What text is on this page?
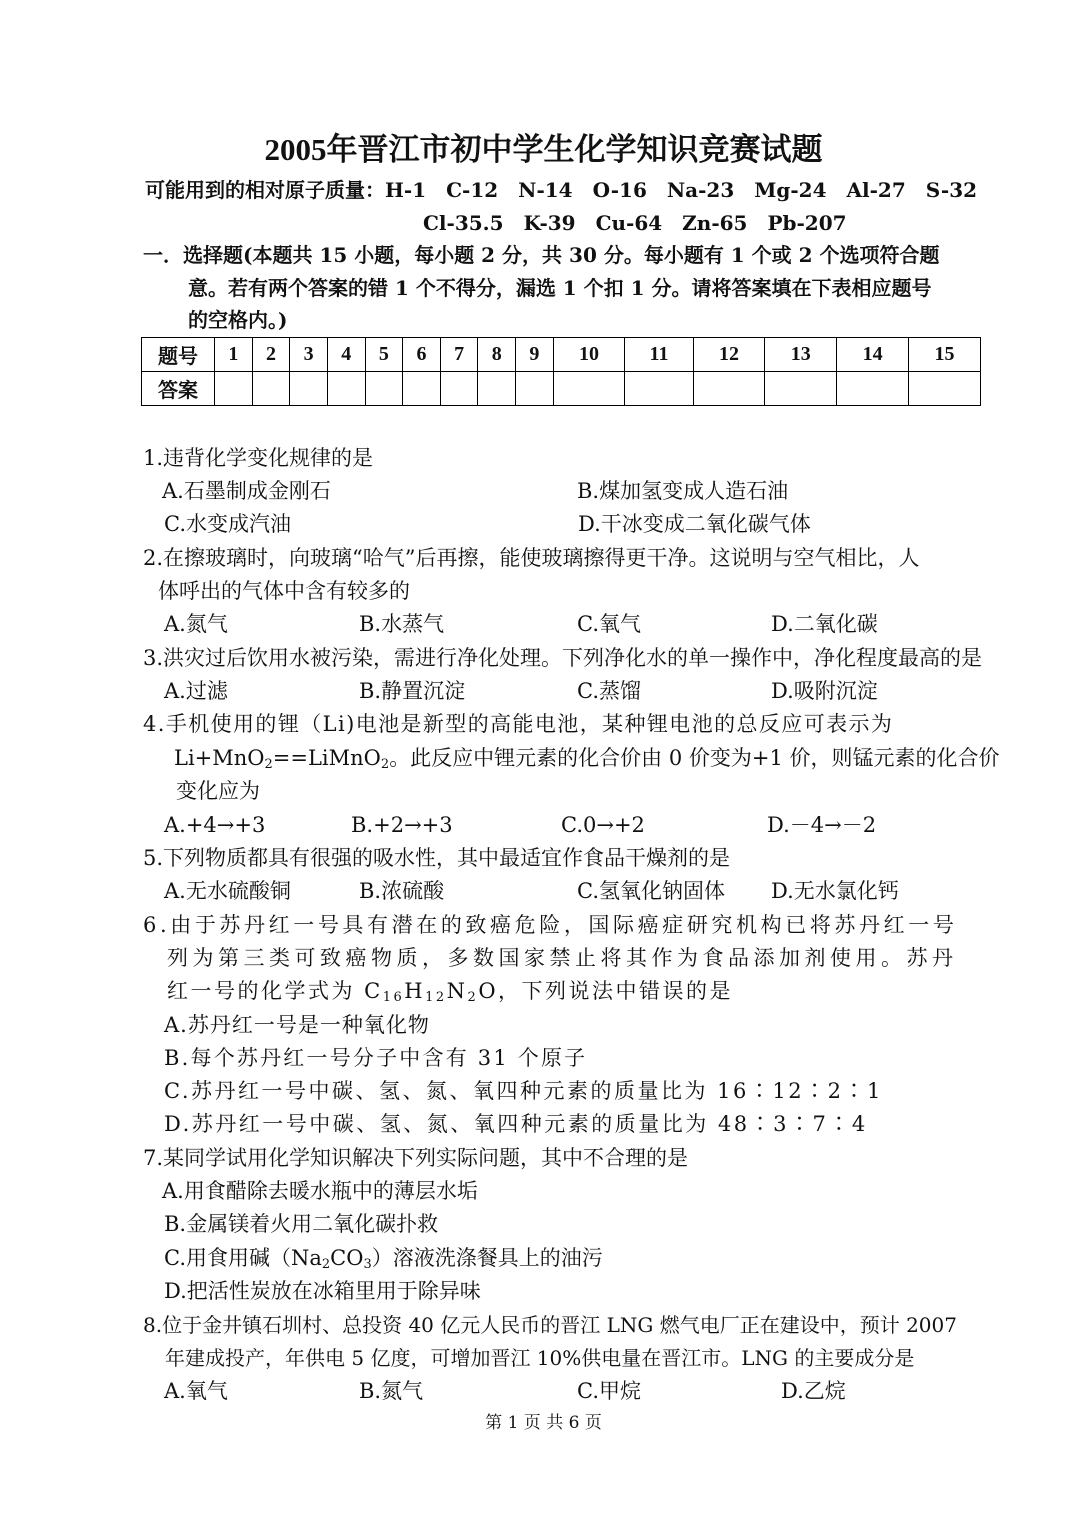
2005年晋江市初中学生化学知识竞赛试题
可能用到的相对原子质量：H-1　C-12　N-14　O-16　Na-23　Mg-24　Al-27　S-32
Cl-35.5　K-39　Cu-64　Zn-65　Pb-207
一．选择题(本题共 15 小题，每小题 2 分，共 30 分。每小题有 1 个或 2 个选项符合题
意。若有两个答案的错 1 个不得分，漏选 1 个扣 1 分。请将答案填在下表相应题号
的空格内。)
题号	1	2	3	4	5	6	7	8	9	10	11	12	13	14	15
答案															
1.违背化学变化规律的是
A.石墨制成金刚石	B.煤加氢变成人造石油
C.水变成汽油	D.干冰变成二氧化碳气体
2.在擦玻璃时，向玻璃“哈气”后再擦，能使玻璃擦得更干净。这说明与空气相比，人
体呼出的气体中含有较多的
A.氮气	B.水蒸气	C.氧气	D.二氧化碳
3.洪灾过后饮用水被污染，需进行净化处理。下列净化水的单一操作中，净化程度最高的是
A.过滤	B.静置沉淀	C.蒸馏	D.吸附沉淀
4.手机使用的锂（Li)电池是新型的高能电池，某种锂电池的总反应可表示为
Li+MnO$_2$==LiMnO$_2$。此反应中锂元素的化合价由 0 价变为+1 价，则锰元素的化合价
变化应为
A.+4→+3	B.+2→+3	C.0→+2	D.－4→－2
5.下列物质都具有很强的吸水性，其中最适宜作食品干燥剂的是
A.无水硫酸铜	B.浓硫酸	C.氢氧化钠固体 D.无水氯化钙
6.由于苏丹红一号具有潜在的致癌危险，国际癌症研究机构已将苏丹红一号
列为第三类可致癌物质，多数国家禁止将其作为食品添加剂使用。苏丹
红一号的化学式为 $C_{16}H_{12}N_2O$，下列说法中错误的是
A.苏丹红一号是一种氧化物
B.每个苏丹红一号分子中含有 31 个原子
C.苏丹红一号中碳、氢、氮、氧四种元素的质量比为 16∶12∶2∶1
D.苏丹红一号中碳、氢、氮、氧四种元素的质量比为 48∶3∶7∶4
7.某同学试用化学知识解决下列实际问题，其中不合理的是
A.用食醋除去暖水瓶中的薄层水垢
B.金属镁着火用二氧化碳扑救
C.用食用碱$(Na_2CO_3)$溶液洗涤餐具上的油污
D.把活性炭放在冰箱里用于除异味
8.位于金井镇石圳村、总投资 40 亿元人民币的晋江 LNG 燃气电厂正在建设中，预计 2007
年建成投产，年供电 5 亿度，可增加晋江 10%供电量在晋江市。LNG 的主要成分是
A.氧气	B.氮气	C.甲烷	D.乙烷
第 1 页 共 6 页
